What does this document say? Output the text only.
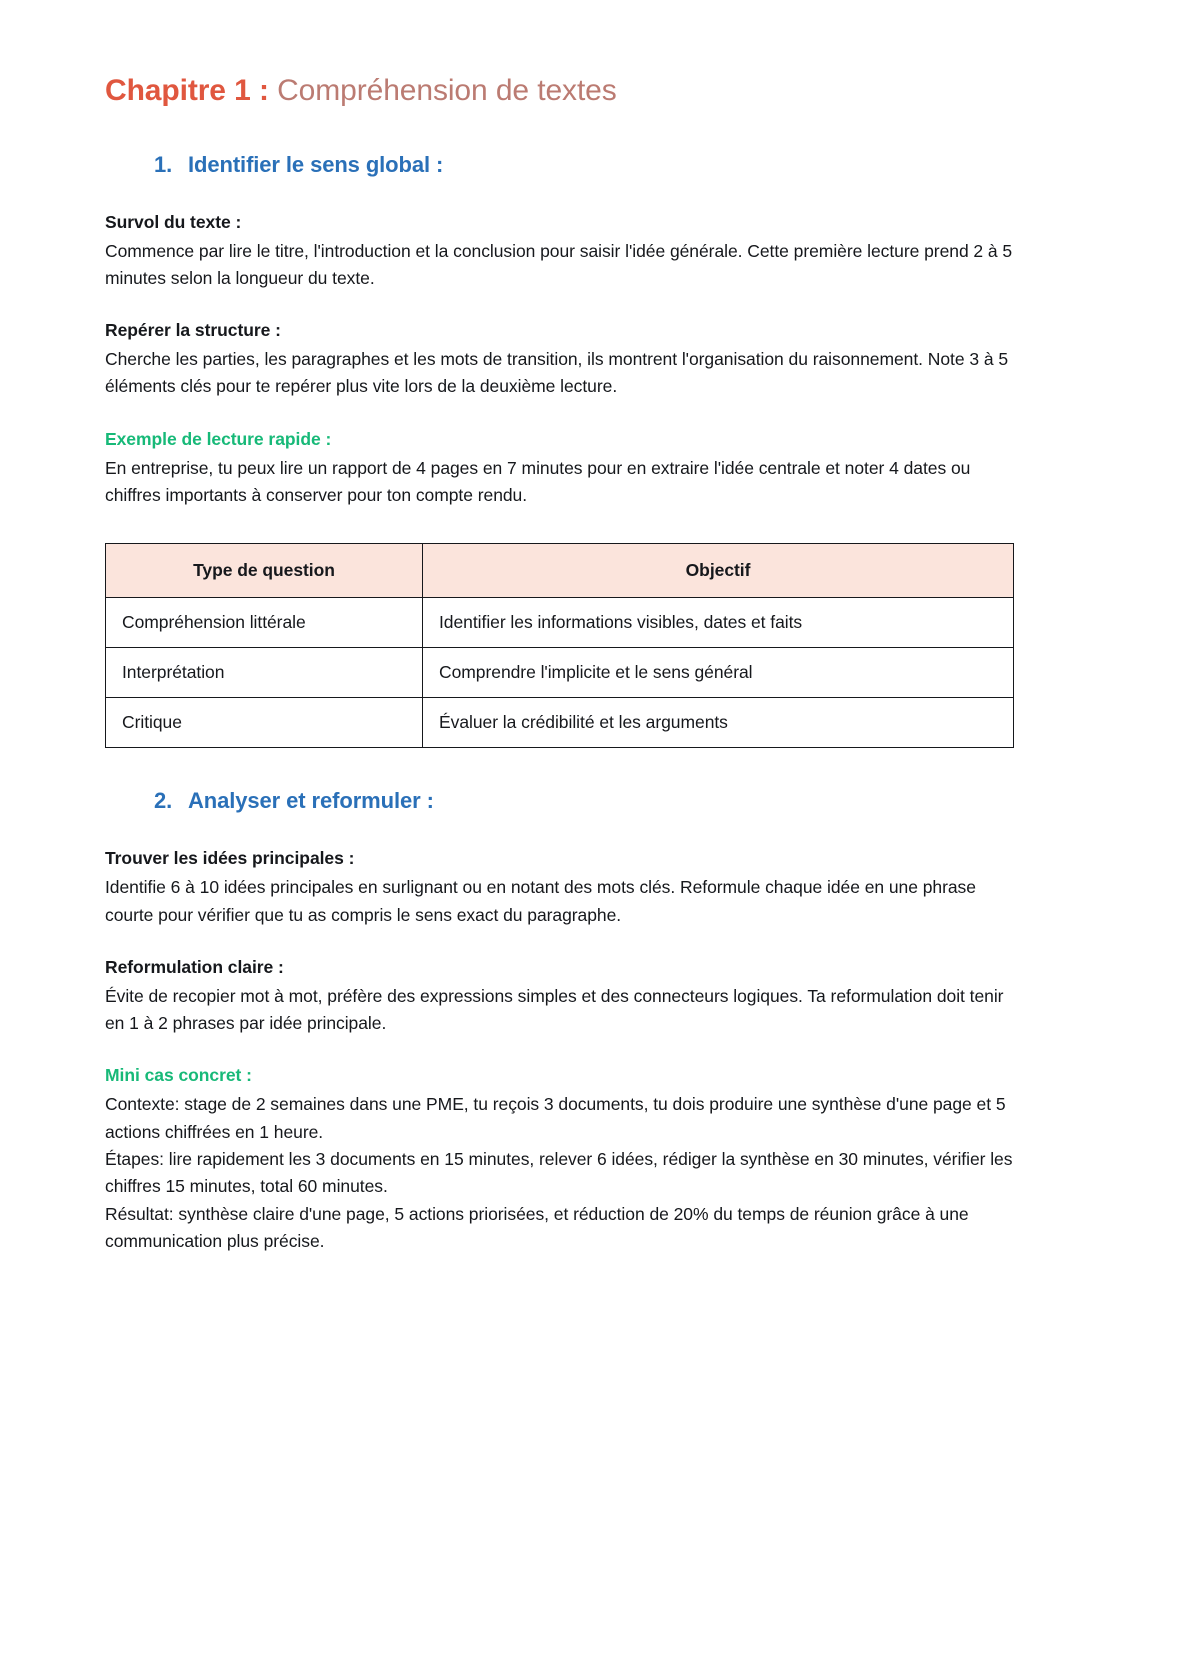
Chapitre 1 : Compréhension de textes
1. Identifier le sens global :
Survol du texte :

Commence par lire le titre, l'introduction et la conclusion pour saisir l'idée générale. Cette première lecture prend 2 à 5 minutes selon la longueur du texte.

Repérer la structure :

Cherche les parties, les paragraphes et les mots de transition, ils montrent l'organisation du raisonnement. Note 3 à 5 éléments clés pour te repérer plus vite lors de la deuxième lecture.

Exemple de lecture rapide :

En entreprise, tu peux lire un rapport de 4 pages en 7 minutes pour en extraire l'idée centrale et noter 4 dates ou chiffres importants à conserver pour ton compte rendu.

Type de question	Objectif
Compréhension littérale	Identifier les informations visibles, dates et faits
Interprétation	Comprendre l'implicite et le sens général
Critique	Évaluer la crédibilité et les arguments
2. Analyser et reformuler :
Trouver les idées principales :

Identifie 6 à 10 idées principales en surlignant ou en notant des mots clés. Reformule chaque idée en une phrase courte pour vérifier que tu as compris le sens exact du paragraphe.

Reformulation claire :

Évite de recopier mot à mot, préfère des expressions simples et des connecteurs logiques. Ta reformulation doit tenir en 1 à 2 phrases par idée principale.

Mini cas concret :

Contexte: stage de 2 semaines dans une PME, tu reçois 3 documents, tu dois produire une synthèse d'une page et 5 actions chiffrées en 1 heure.

Étapes: lire rapidement les 3 documents en 15 minutes, relever 6 idées, rédiger la synthèse en 30 minutes, vérifier les chiffres 15 minutes, total 60 minutes.

Résultat: synthèse claire d'une page, 5 actions priorisées, et réduction de 20% du temps de réunion grâce à une communication plus précise.
